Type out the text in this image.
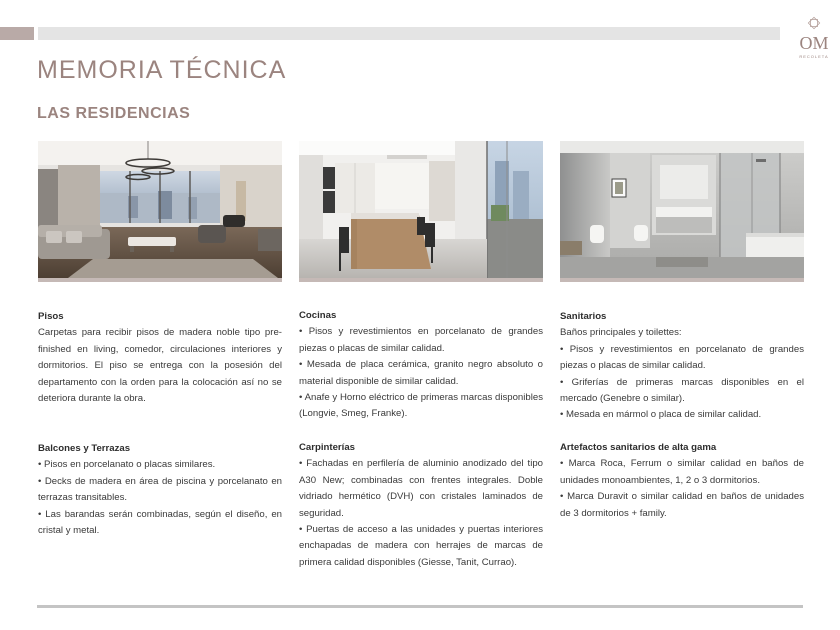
OM
RECOLETA
MEMORIA TÉCNICA
LAS RESIDENCIAS
Pisos

Carpetas para recibir pisos de madera noble tipo pre-finished en living, comedor, circulaciones interiores y dormitorios. El piso se entrega con la posesión del departamento con la orden para la colocación así no se deteriora durante la obra.

Balcones y Terrazas

• Pisos en porcelanato o placas similares.

• Decks de madera en área de piscina y porcelanato en terrazas transitables.

• Las barandas serán combinadas, según el diseño, en cristal y metal.

Cocinas

• Pisos y revestimientos en porcelanato de grandes piezas o placas de similar calidad.

• Mesada de placa cerámica, granito negro absoluto o material disponible de similar calidad.

• Anafe y Horno eléctrico de primeras marcas disponibles (Longvie, Smeg, Franke).

Carpinterías

• Fachadas en perfilería de aluminio anodizado del tipo A30 New; combinadas con frentes integrales. Doble vidriado hermético (DVH) con cristales laminados de seguridad.

• Puertas de acceso a las unidades y puertas interiores enchapadas de madera con herrajes de marcas de primera calidad disponibles (Giesse, Tanit, Currao).

Sanitarios

Baños principales y toilettes:

• Pisos y revestimientos en porcelanato de grandes piezas o placas de similar calidad.

• Griferías de primeras marcas disponibles en el mercado (Genebre o similar).

• Mesada en mármol o placa de similar calidad.

Artefactos sanitarios de alta gama

• Marca Roca, Ferrum o similar calidad en baños de unidades monoambientes, 1, 2 o 3 dormitorios.

• Marca Duravit o similar calidad en baños de unidades de 3 dormitorios + family.
